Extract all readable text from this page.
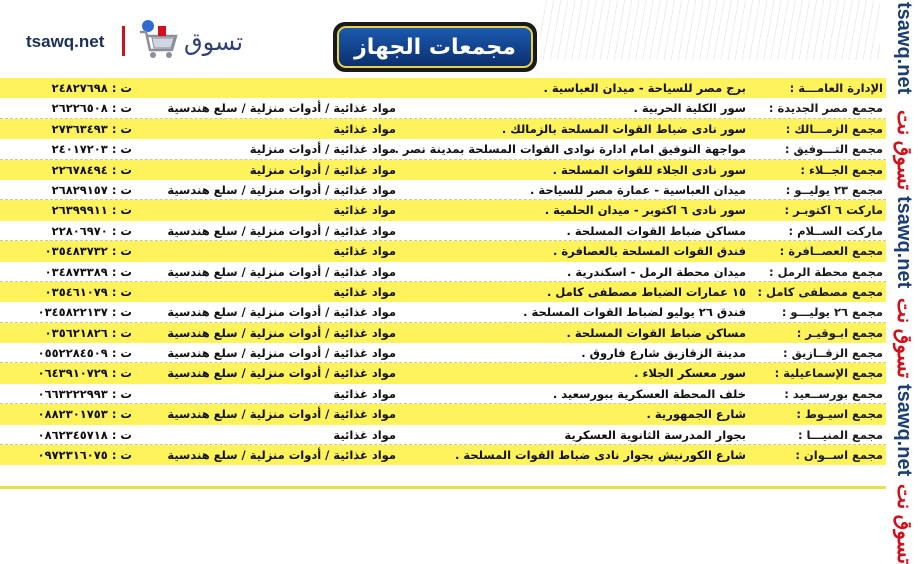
tsawq.net	تسوق	مجمعات الجهاز
الإدارة العامـــة :
برج مصر للسياحة - ميدان العباسية .
ت :٢٤٨٢٧٦٩٨
مجمع مصر الجديدة :
سور الكلية الحربية .
مواد غذائية / أدوات منزلية / سلع هندسية
ت :٢٦٢٢٦٥٠٨
مجمع الزمـــالك :
سور نادى ضباط القوات المسلحة بالزمالك .
مواد غذائية
ت :٢٧٣٦٣٤٩٣
مجمع التـــوفيق :
مواجهة التوفيق امام ادارة نوادى القوات المسلحة بمدينة نصر .
مواد غذائية / أدوات منزلية
ت :٢٤٠١٧٢٠٣
مجمع الجــلاء :
سور نادى الجلاء للقوات المسلحة .
مواد غذائية / أدوات منزلية
ت :٢٢٦٧٨٤٩٤
مجمع ٢٣ يوليــو :
ميدان العباسية - عمارة مصر للسياحة .
مواد غذائية / أدوات منزلية / سلع هندسية
ت :٢٦٨٢٩١٥٧
ماركت ٦ اكتوبـر :
سور نادى ٦ اكتوبر - ميدان الحلمية .
مواد غذائية
ت :٢٦٣٩٩٩١١
ماركت الســلام :
مساكن ضباط القوات المسلحة .
مواد غذائية / أدوات منزلية / سلع هندسية
ت :٢٢٨٠٦٩٧٠
مجمع العصــافرة :
فندق القوات المسلحة بالعصافرة .
مواد غذائية
ت :٠٣٥٤٨٣٧٣٢
مجمع محطة الرمل :
ميدان محطة الرمل - اسكندرية .
مواد غذائية / أدوات منزلية / سلع هندسية
ت :٠٣٤٨٧٣٣٨٩
مجمع مصطفى كامل :
١٥ عمارات الضباط مصطفى كامل .
مواد غذائية
ت :٠٣٥٤٦١٠٧٩
مجمع ٢٦ يوليـــو :
فندق ٢٦ يوليو لضباط القوات المسلحة .
مواد غذائية / أدوات منزلية / سلع هندسية
ت :٠٣٤٥٨٢٢١٣٧
مجمع ابـوقيـر :
مساكن ضباط القوات المسلحة .
مواد غذائية / أدوات منزلية / سلع هندسية
ت :٠٣٥٦٢١٨٢٦
مجمع الزقــازيق :
مدينة الزقازيق شارع فاروق .
مواد غذائية / أدوات منزلية / سلع هندسية
ت :٠٥٥٢٢٨٤٥٠٩
مجمع الإسماعيلية :
سور معسكر الجلاء .
مواد غذائية / أدوات منزلية / سلع هندسية
ت :٠٦٤٣٩١٠٧٢٩
مجمع بورســعيد :
خلف المحطة العسكرية ببورسعيد .
مواد غذائية
ت :٠٦٦٣٢٢٢٩٩٣
مجمع اسيـوط :
شارع الجمهورية .
مواد غذائية / أدوات منزلية / سلع هندسية
ت :٠٨٨٢٣٠١٧٥٣
مجمع المنيـــا :
بجوار المدرسة الثانوية العسكرية
مواد غذائية
ت :٠٨٦٢٣٤٥٧١٨
مجمع اســوان :
شارع الكورنيش بجوار نادى ضباط القوات المسلحة .
مواد غذائية / أدوات منزلية / سلع هندسية
ت :٠٩٧٢٣١٦٠٧٥
tsawq.net
تسوق نت
tsawq.net
تسوق نت
tsawq.net
تسوق نت
